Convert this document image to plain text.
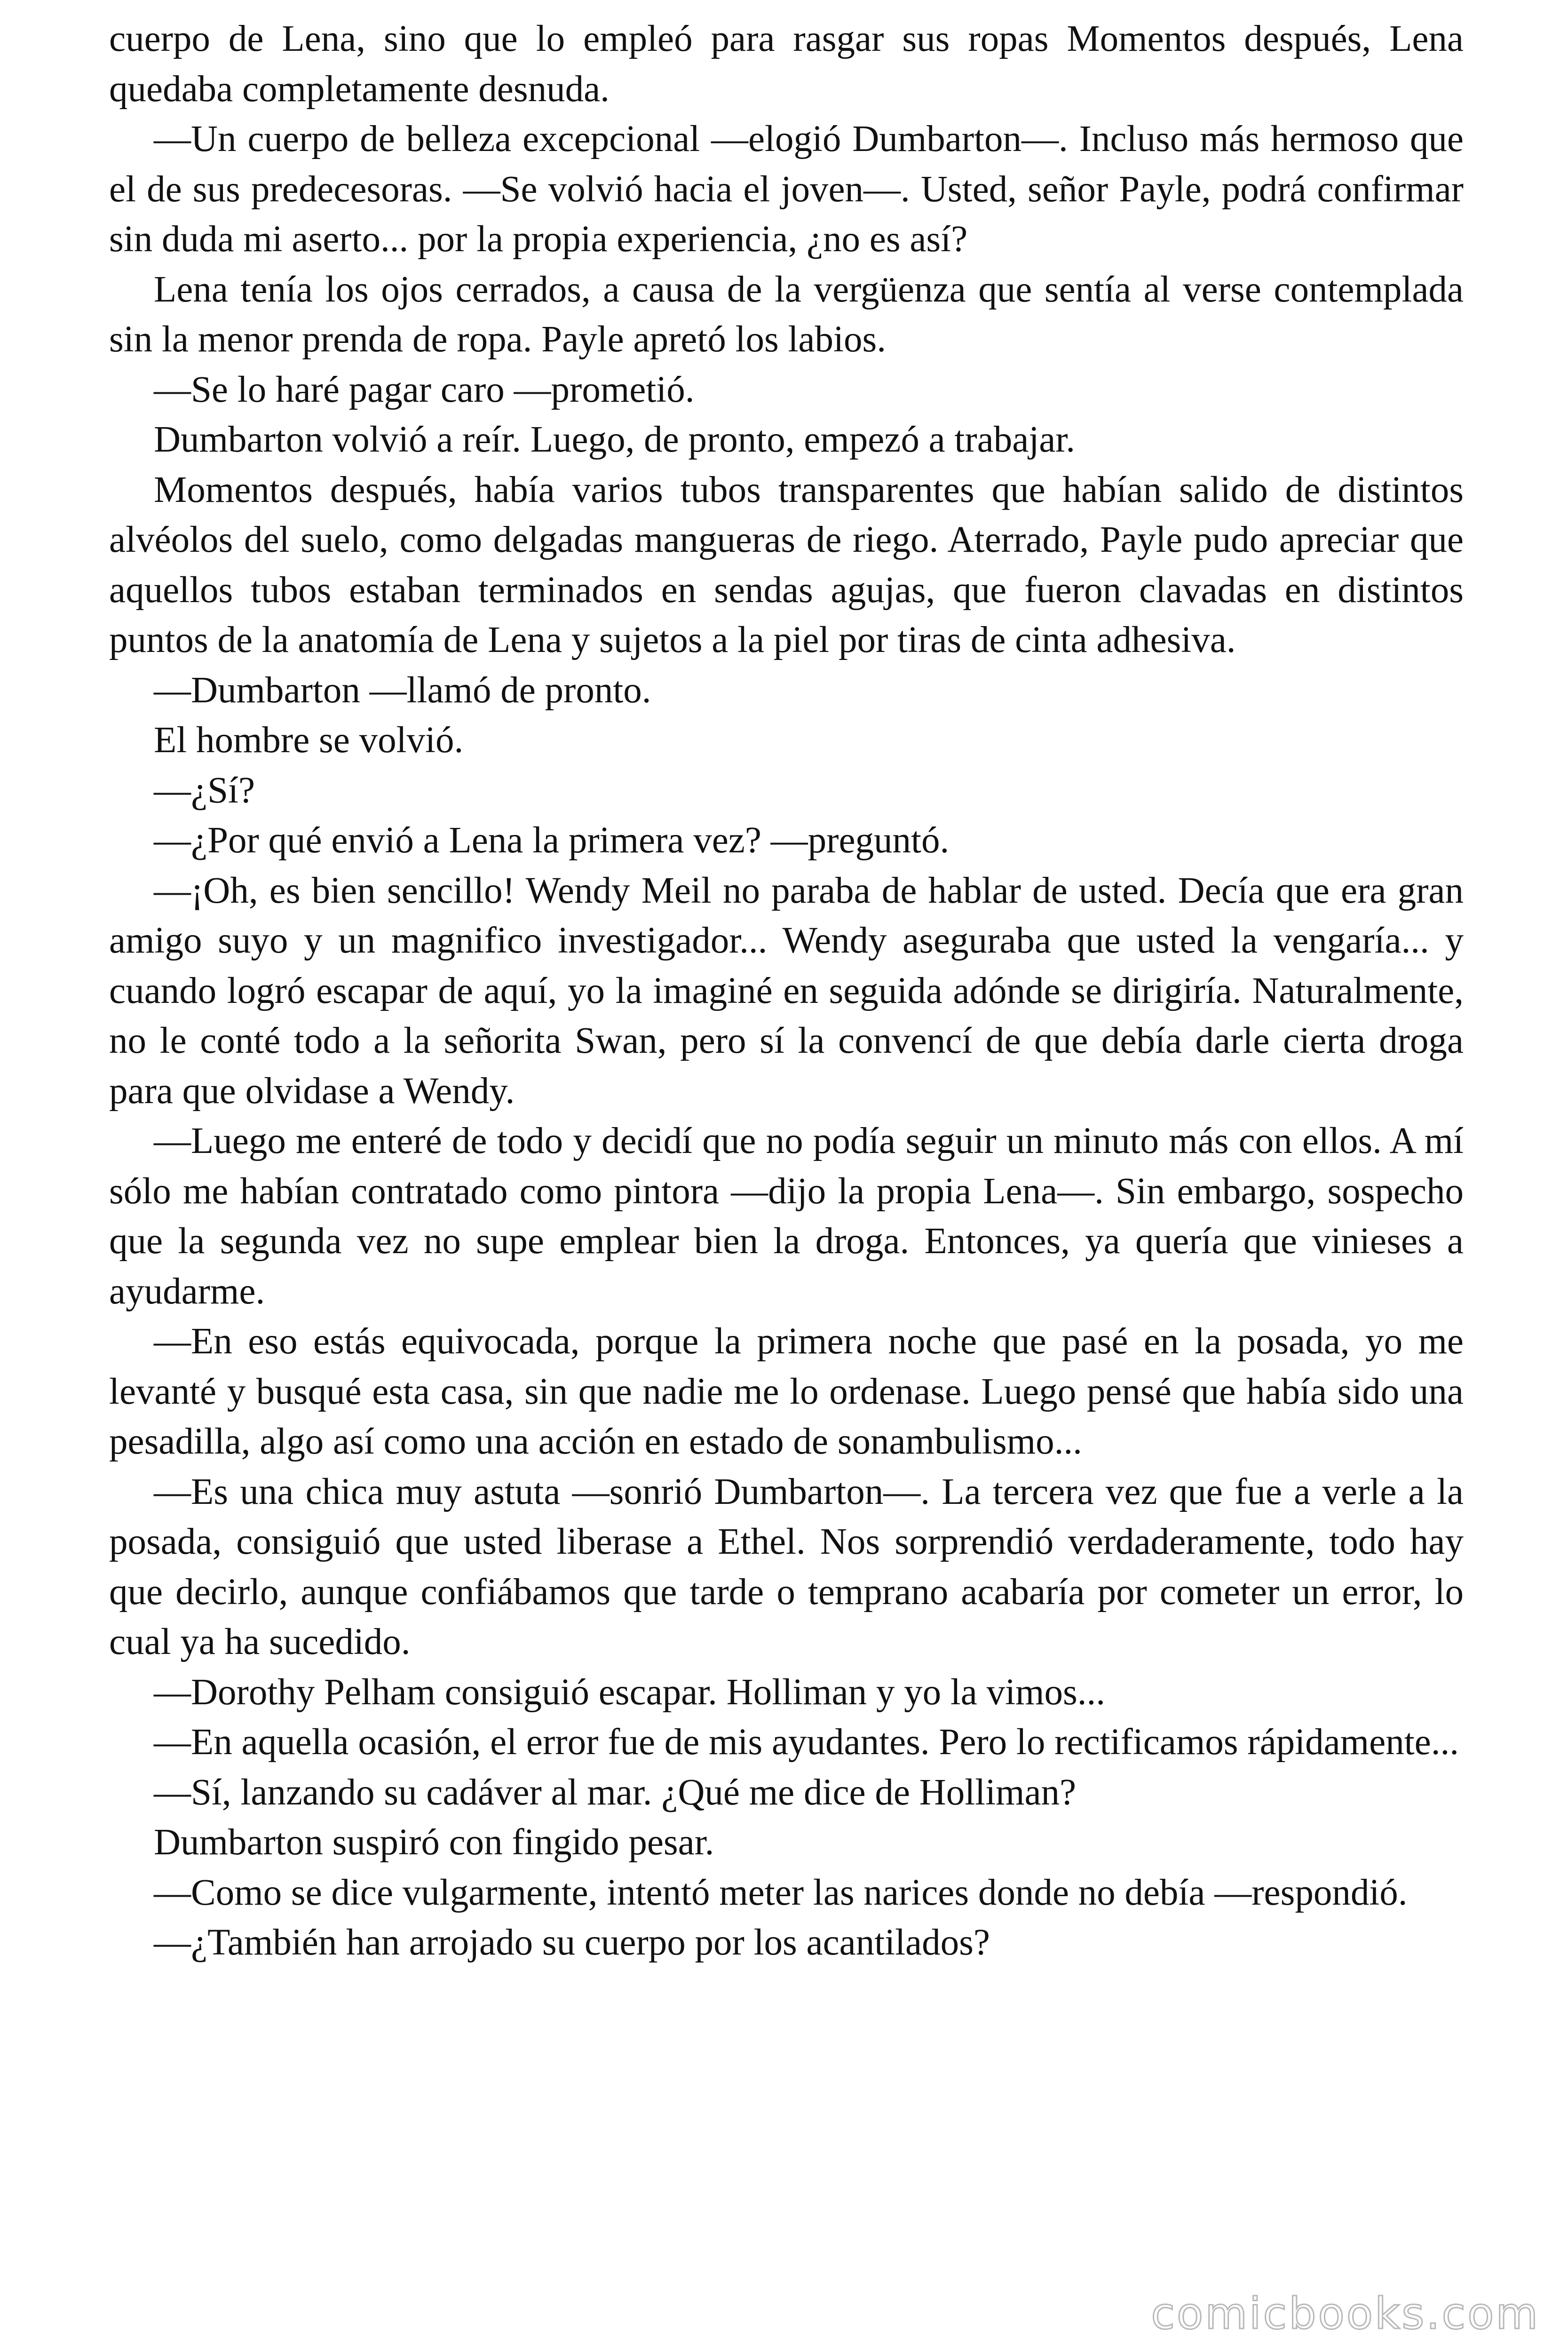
cuerpo de Lena, sino que lo empleó para rasgar sus ropas Momentos después, Lena quedaba completamente desnuda.

—Un cuerpo de belleza excepcional —elogió Dumbarton—. Incluso más hermoso que el de sus predecesoras. —Se volvió hacia el joven—. Usted, señor Payle, podrá confirmar sin duda mi aserto... por la propia experiencia, ¿no es así?

Lena tenía los ojos cerrados, a causa de la vergüenza que sentía al verse contemplada sin la menor prenda de ropa. Payle apretó los labios.

—Se lo haré pagar caro —prometió.

Dumbarton volvió a reír. Luego, de pronto, empezó a trabajar.

Momentos después, había varios tubos transparentes que habían salido de distintos alvéolos del suelo, como delgadas mangueras de riego. Aterrado, Payle pudo apreciar que aquellos tubos estaban terminados en sendas agujas, que fueron clavadas en distintos puntos de la anatomía de Lena y sujetos a la piel por tiras de cinta adhesiva.

—Dumbarton —llamó de pronto.

El hombre se volvió.

—¿Sí?

—¿Por qué envió a Lena la primera vez? —preguntó.

—¡Oh, es bien sencillo! Wendy Meil no paraba de hablar de usted. Decía que era gran amigo suyo y un magnifico investigador... Wendy aseguraba que usted la vengaría... y cuando logró escapar de aquí, yo la imaginé en seguida adónde se dirigiría. Naturalmente, no le conté todo a la señorita Swan, pero sí la convencí de que debía darle cierta droga para que olvidase a Wendy.

—Luego me enteré de todo y decidí que no podía seguir un minuto más con ellos. A mí sólo me habían contratado como pintora —dijo la propia Lena—. Sin embargo, sospecho que la segunda vez no supe emplear bien la droga. Entonces, ya quería que vinieses a ayudarme.

—En eso estás equivocada, porque la primera noche que pasé en la posada, yo me levanté y busqué esta casa, sin que nadie me lo ordenase. Luego pensé que había sido una pesadilla, algo así como una acción en estado de sonambulismo...

—Es una chica muy astuta —sonrió Dumbarton—. La tercera vez que fue a verle a la posada, consiguió que usted liberase a Ethel. Nos sorprendió verdaderamente, todo hay que decirlo, aunque confiábamos que tarde o temprano acabaría por cometer un error, lo cual ya ha sucedido.

—Dorothy Pelham consiguió escapar. Holliman y yo la vimos...

—En aquella ocasión, el error fue de mis ayudantes. Pero lo rectificamos rápidamente...

—Sí, lanzando su cadáver al mar. ¿Qué me dice de Holliman?

Dumbarton suspiró con fingido pesar.

—Como se dice vulgarmente, intentó meter las narices donde no debía —respondió.

—¿También han arrojado su cuerpo por los acantilados?

comicbooks.com
